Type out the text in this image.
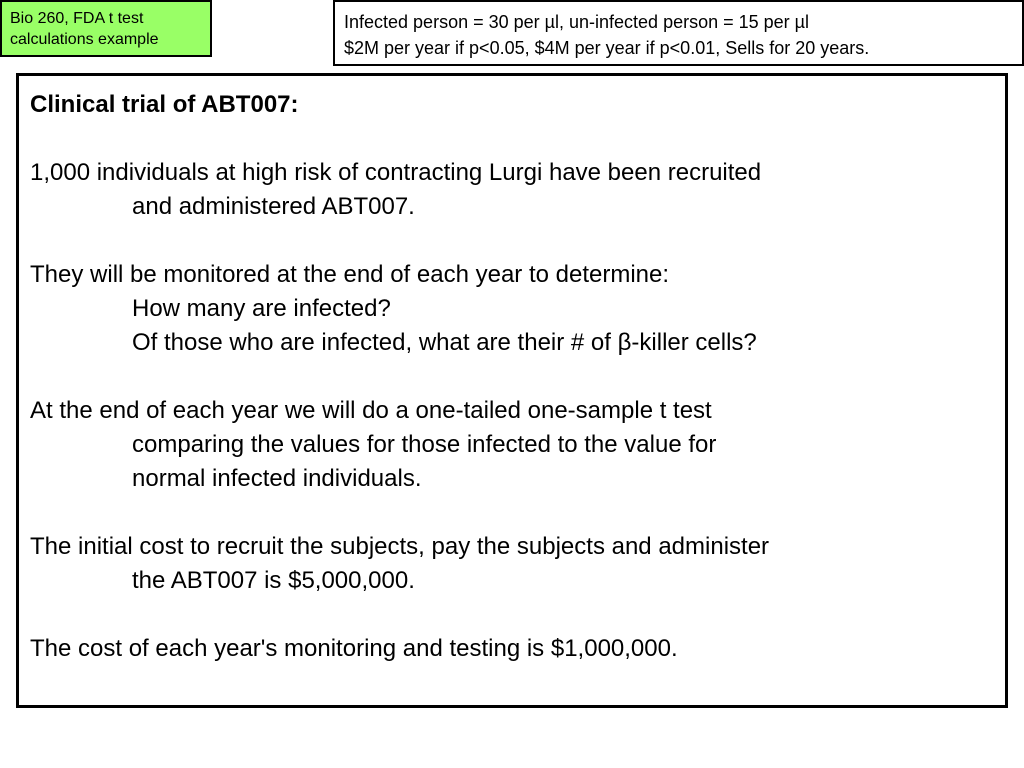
Bio 260, FDA t test
calculations example
Infected person = 30 per µl, un-infected person = 15 per µl
$2M per year if p<0.05, $4M per year if p<0.01, Sells for 20 years.
Clinical trial of ABT007:
1,000 individuals at high risk of contracting Lurgi have been recruited
and administered ABT007.
They will be monitored at the end of each year to determine:
How many are infected?
Of those who are infected, what are their # of β-killer cells?
At the end of each year we will do a one-tailed one-sample t test
comparing the values for those infected to the value for
normal infected individuals.
The initial cost to recruit the subjects, pay the subjects and administer
the ABT007 is $5,000,000.
The cost of each year's monitoring and testing is $1,000,000.
